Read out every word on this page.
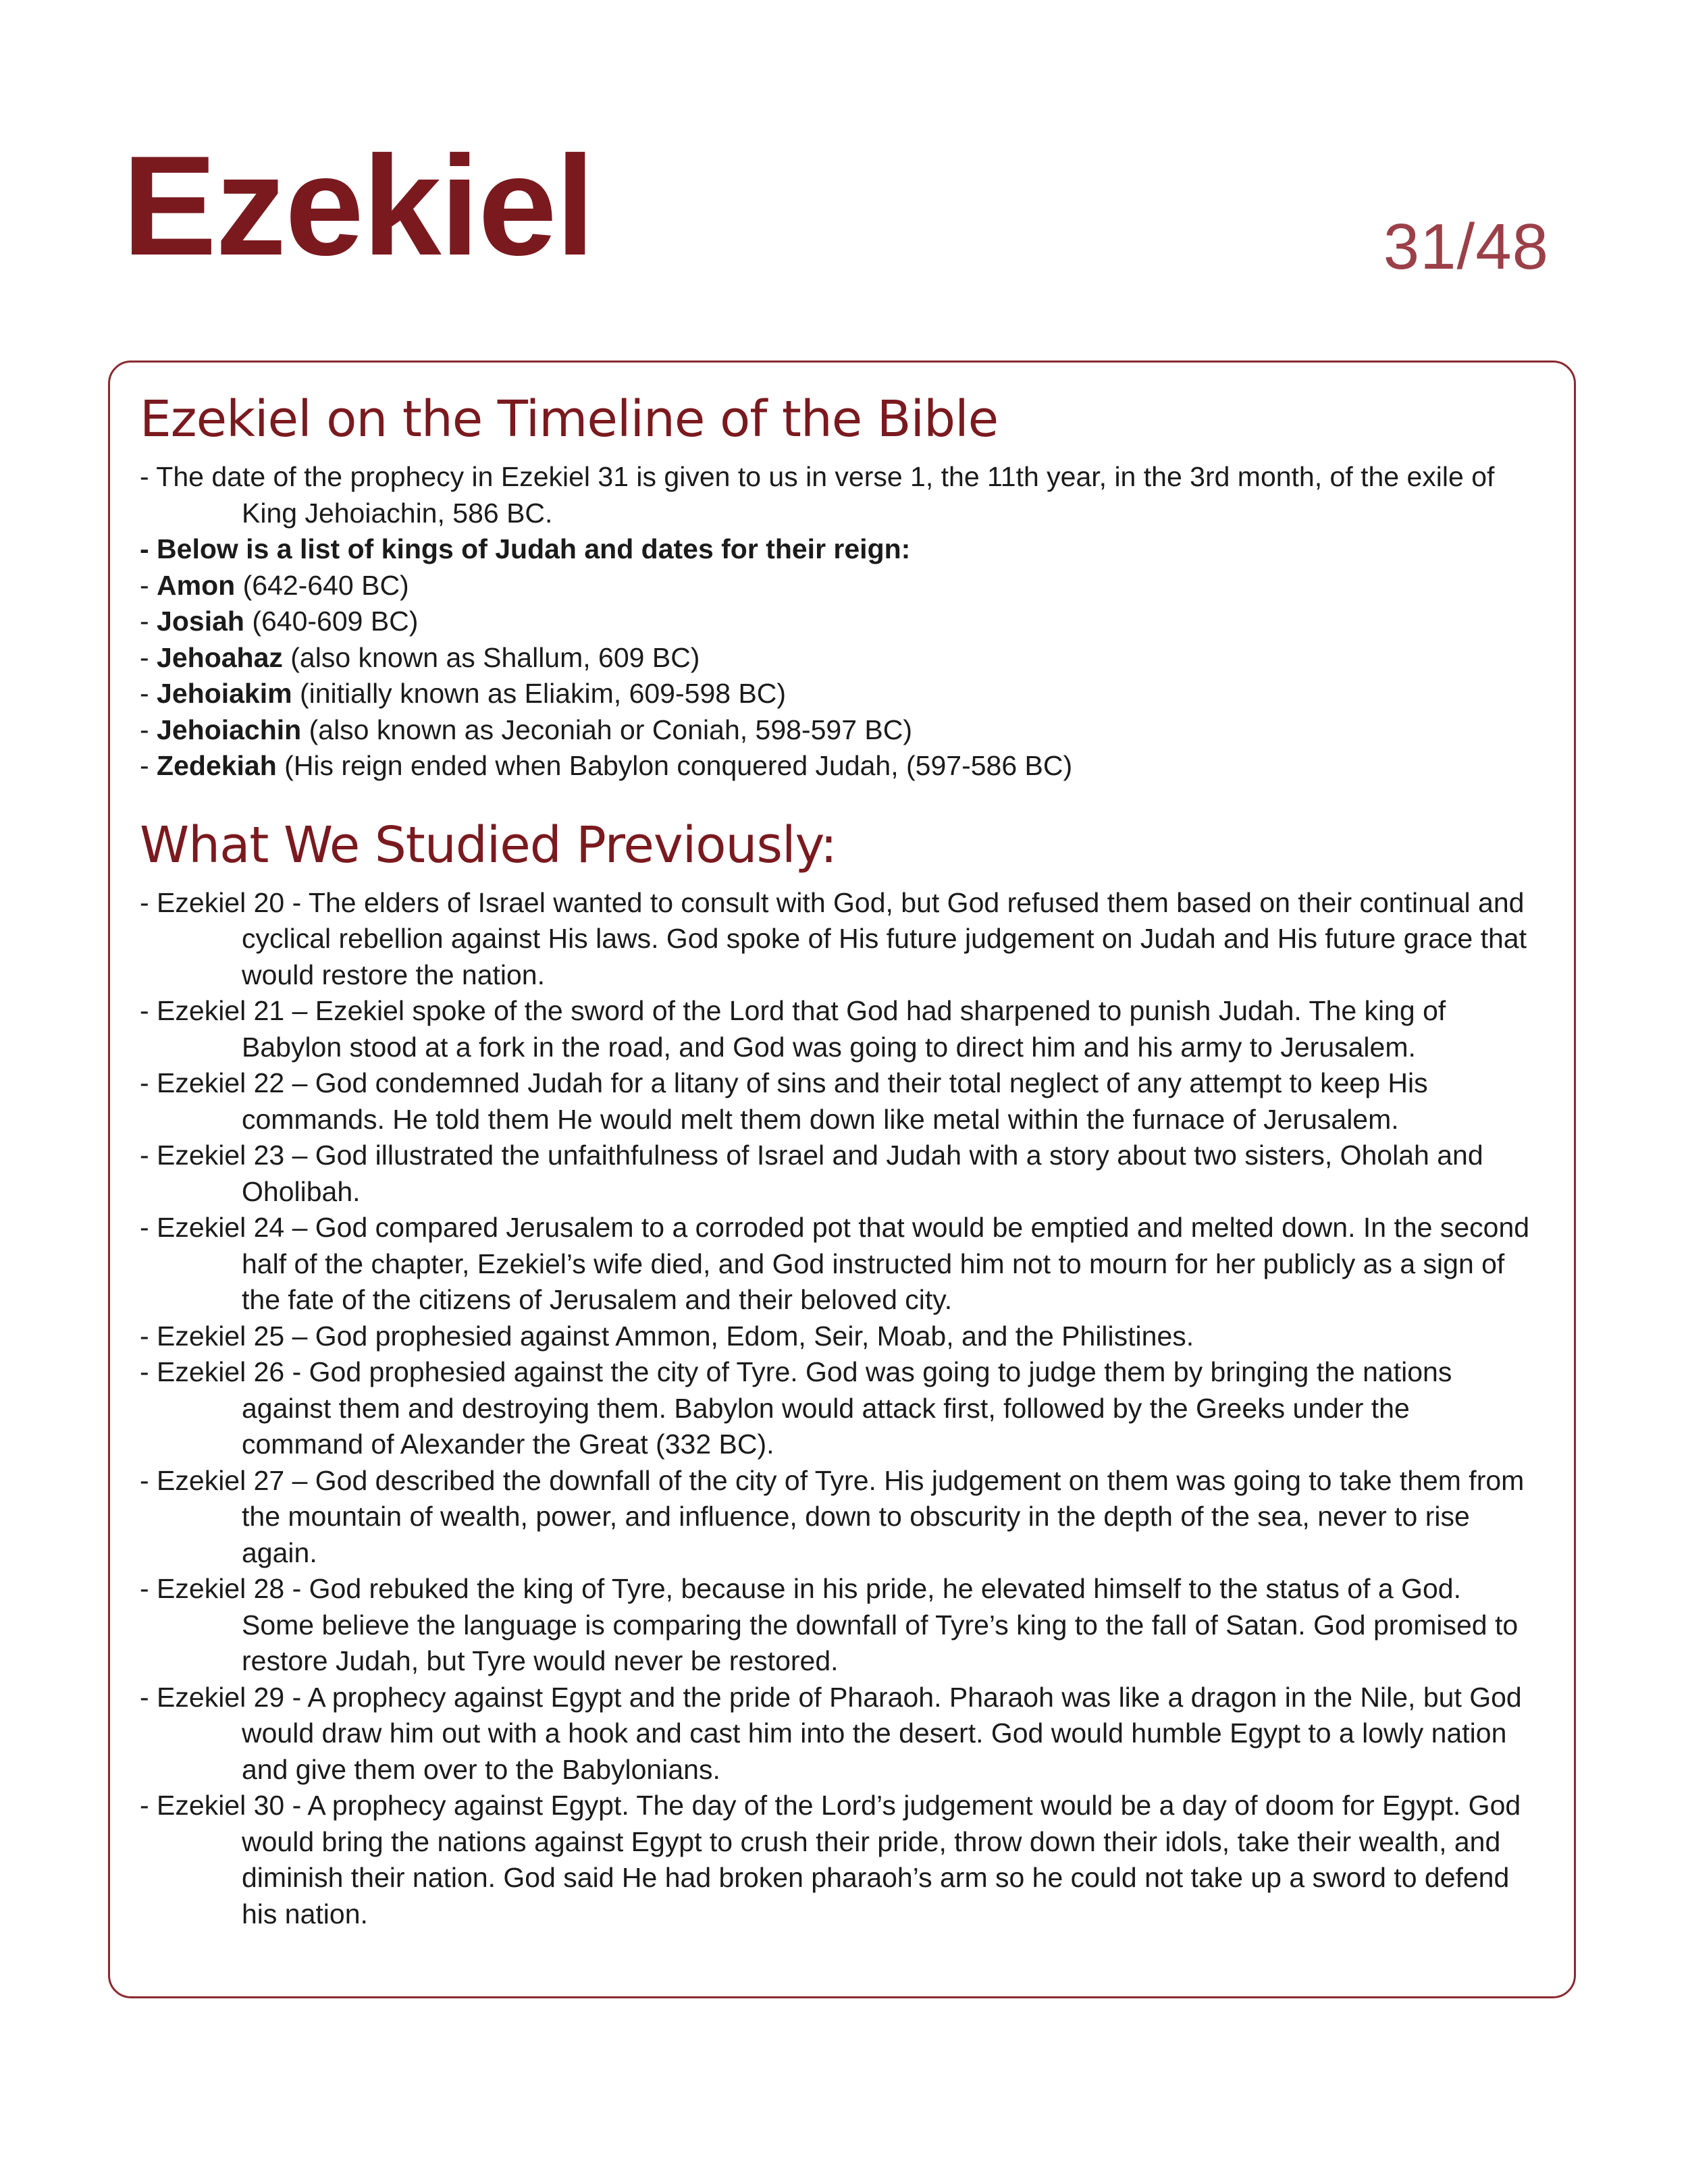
Ezekiel	31/48
Ezekiel on the Timeline of the Bible
- The date of the prophecy in Ezekiel 31 is given to us in verse 1, the 11th year, in the 3rd month, of the exile of King Jehoiachin, 586 BC.
- Below is a list of kings of Judah and dates for their reign:
- Amon (642-640 BC)
- Josiah (640-609 BC)
- Jehoahaz (also known as Shallum, 609 BC)
- Jehoiakim (initially known as Eliakim, 609-598 BC)
- Jehoiachin (also known as Jeconiah or Coniah, 598-597 BC)
- Zedekiah (His reign ended when Babylon conquered Judah, (597-586 BC)
What We Studied Previously:
- Ezekiel 20 - The elders of Israel wanted to consult with God, but God refused them based on their continual and cyclical rebellion against His laws. God spoke of His future judgement on Judah and His future grace that would restore the nation.
- Ezekiel 21 – Ezekiel spoke of the sword of the Lord that God had sharpened to punish Judah. The king of Babylon stood at a fork in the road, and God was going to direct him and his army to Jerusalem.
- Ezekiel 22 – God condemned Judah for a litany of sins and their total neglect of any attempt to keep His commands. He told them He would melt them down like metal within the furnace of Jerusalem.
- Ezekiel 23 – God illustrated the unfaithfulness of Israel and Judah with a story about two sisters, Oholah and Oholibah.
- Ezekiel 24 – God compared Jerusalem to a corroded pot that would be emptied and melted down. In the second half of the chapter, Ezekiel’s wife died, and God instructed him not to mourn for her publicly as a sign of the fate of the citizens of Jerusalem and their beloved city.
- Ezekiel 25 – God prophesied against Ammon, Edom, Seir, Moab, and the Philistines.
- Ezekiel 26 - God prophesied against the city of Tyre. God was going to judge them by bringing the nations against them and destroying them. Babylon would attack first, followed by the Greeks under the command of Alexander the Great (332 BC).
- Ezekiel 27 – God described the downfall of the city of Tyre. His judgement on them was going to take them from the mountain of wealth, power, and influence, down to obscurity in the depth of the sea, never to rise again.
- Ezekiel 28 - God rebuked the king of Tyre, because in his pride, he elevated himself to the status of a God. Some believe the language is comparing the downfall of Tyre’s king to the fall of Satan. God promised to restore Judah, but Tyre would never be restored.
- Ezekiel 29 - A prophecy against Egypt and the pride of Pharaoh. Pharaoh was like a dragon in the Nile, but God would draw him out with a hook and cast him into the desert. God would humble Egypt to a lowly nation and give them over to the Babylonians.
- Ezekiel 30 - A prophecy against Egypt. The day of the Lord’s judgement would be a day of doom for Egypt. God would bring the nations against Egypt to crush their pride, throw down their idols, take their wealth, and diminish their nation. God said He had broken pharaoh’s arm so he could not take up a sword to defend his nation.
